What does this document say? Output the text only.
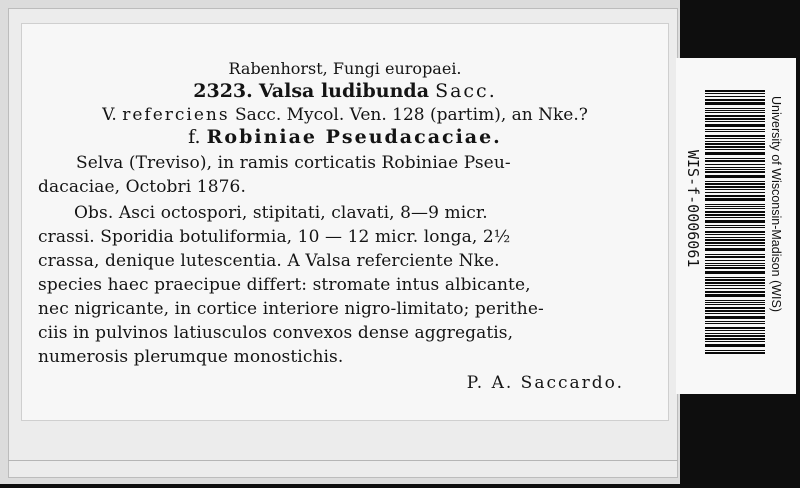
Rabenhorst, Fungi europaei.
2323. Valsa ludibunda Sacc.
V. referciens Sacc. Mycol. Ven. 128 (partim), an Nke.?
f. Robiniae Pseudacaciae.
Selva (Treviso), in ramis corticatis Robiniae Pseu-
dacaciae, Octobri 1876.
Obs. Asci octospori, stipitati, clavati, 8—9 micr.
crassi. Sporidia botuliformia, 10 — 12 micr. longa, 2½
crassa, denique lutescentia. A Valsa referciente Nke.
species haec praecipue differt: stromate intus albicante,
nec nigricante, in cortice interiore nigro-limitato; perithe-
ciis in pulvinos latiusculos convexos dense aggregatis,
numerosis plerumque monostichis.
P. A. Saccardo.
WIS-f-0006061	University of Wisconsin-Madison (WIS)
